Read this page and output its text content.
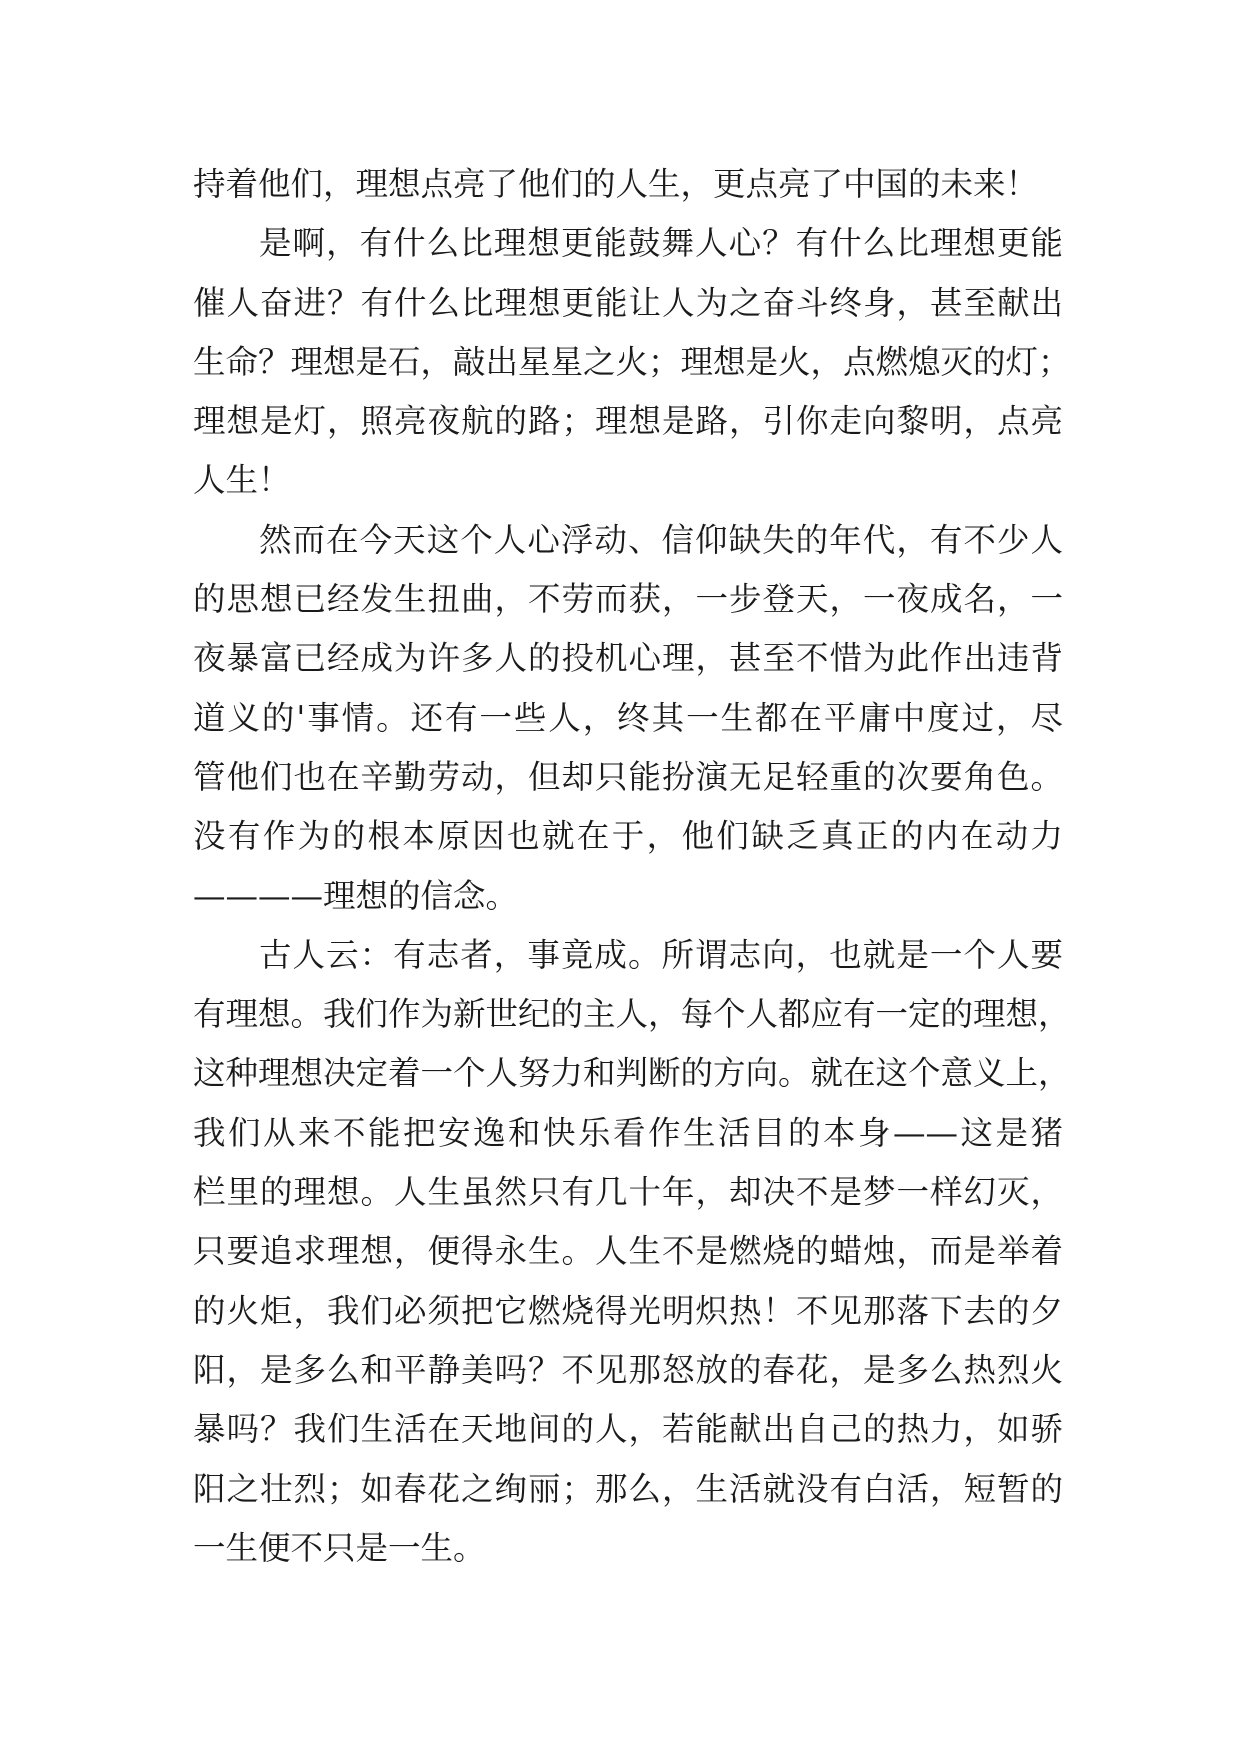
持着他们，理想点亮了他们的人生，更点亮了中国的未来！
是啊，有什么比理想更能鼓舞人心？有什么比理想更能
催人奋进？有什么比理想更能让人为之奋斗终身，甚至献出
生命？理想是石，敲出星星之火；理想是火，点燃熄灭的灯；
理想是灯，照亮夜航的路；理想是路，引你走向黎明，点亮
人生！
然而在今天这个人心浮动、信仰缺失的年代，有不少人
的思想已经发生扭曲，不劳而获，一步登天，一夜成名，一
夜暴富已经成为许多人的投机心理，甚至不惜为此作出违背
道义的'事情。还有一些人，终其一生都在平庸中度过，尽
管他们也在辛勤劳动，但却只能扮演无足轻重的次要角色。
没有作为的根本原因也就在于，他们缺乏真正的内在动力
————理想的信念。
古人云：有志者，事竟成。所谓志向，也就是一个人要
有理想。我们作为新世纪的主人，每个人都应有一定的理想，
这种理想决定着一个人努力和判断的方向。就在这个意义上，
我们从来不能把安逸和快乐看作生活目的本身——这是猪
栏里的理想。人生虽然只有几十年，却决不是梦一样幻灭，
只要追求理想，便得永生。人生不是燃烧的蜡烛，而是举着
的火炬，我们必须把它燃烧得光明炽热！不见那落下去的夕
阳，是多么和平静美吗？不见那怒放的春花，是多么热烈火
暴吗？我们生活在天地间的人，若能献出自己的热力，如骄
阳之壮烈；如春花之绚丽；那么，生活就没有白活，短暂的
一生便不只是一生。
